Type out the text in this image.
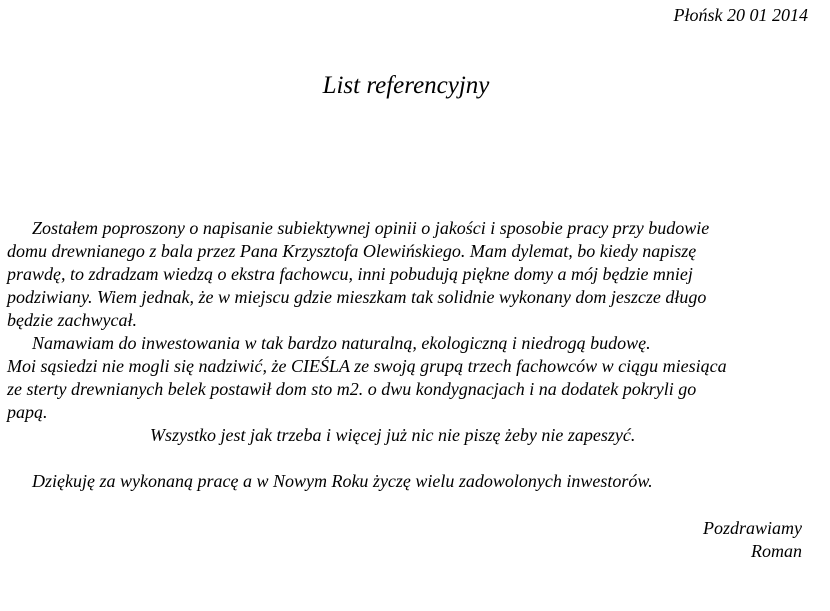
Płońsk 20 01 2014
List referencyjny
Zostałem poproszony o napisanie subiektywnej opinii o jakości i sposobie pracy przy budowie
domu drewnianego z bala przez Pana Krzysztofa Olewińskiego. Mam dylemat, bo kiedy napiszę
prawdę, to zdradzam wiedzą o ekstra fachowcu, inni pobudują piękne domy a mój będzie mniej
podziwiany. Wiem jednak, że w miejscu gdzie mieszkam tak solidnie wykonany dom jeszcze długo
będzie zachwycał.
Namawiam do inwestowania w tak bardzo naturalną, ekologiczną i niedrogą budowę.
Moi sąsiedzi nie mogli się nadziwić, że CIEŚLA ze swoją grupą trzech fachowców w ciągu miesiąca
ze sterty drewnianych belek postawił dom sto m2. o dwu kondygnacjach i na dodatek pokryli go
papą.
Wszystko jest jak trzeba i więcej już nic nie piszę żeby nie zapeszyć.
Dziękuję za wykonaną pracę a w Nowym Roku życzę wielu zadowolonych inwestorów.
Pozdrawiamy
Roman
